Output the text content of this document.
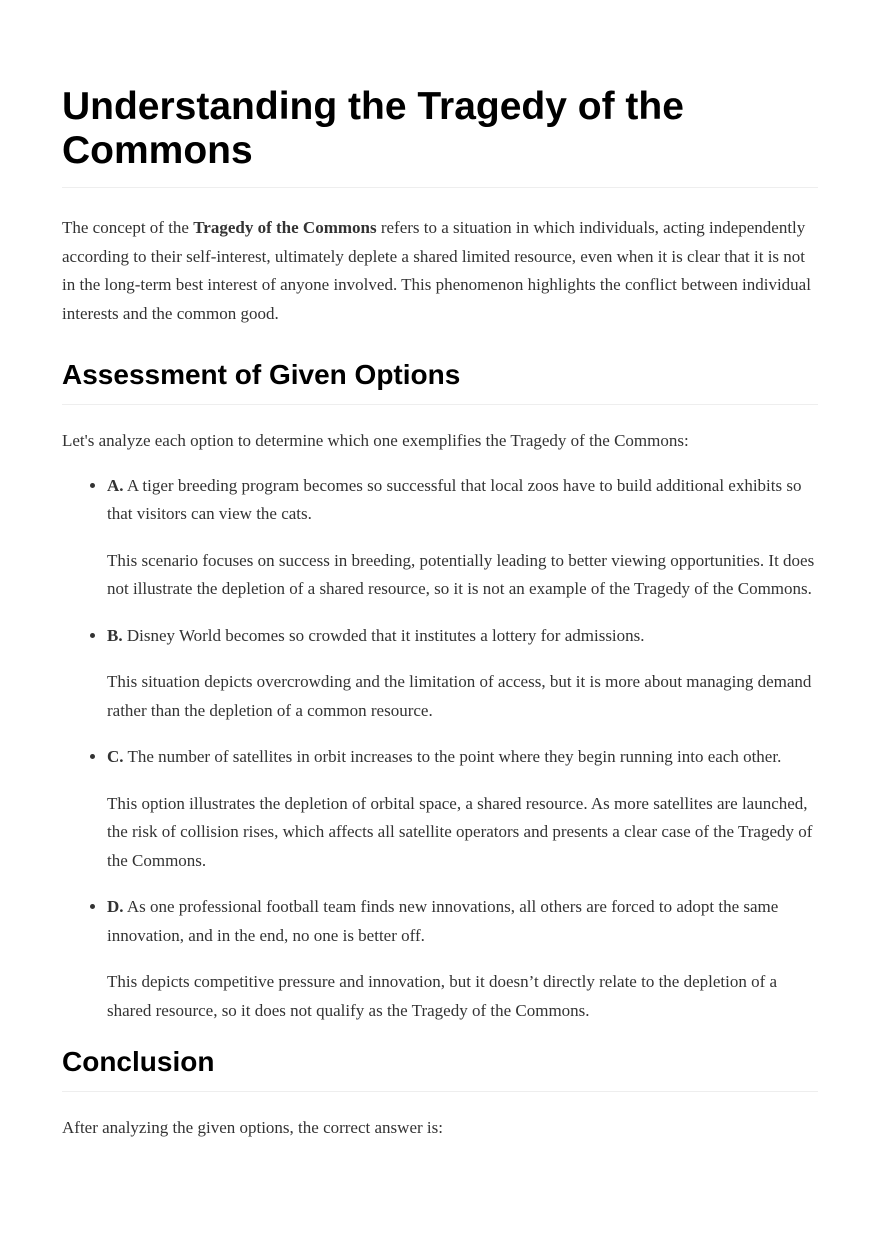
Understanding the Tragedy of the Commons

The concept of the Tragedy of the Commons refers to a situation in which individuals, acting independently according to their self-interest, ultimately deplete a shared limited resource, even when it is clear that it is not in the long-term best interest of anyone involved. This phenomenon highlights the conflict between individual interests and the common good.

Assessment of Given Options

Let's analyze each option to determine which one exemplifies the Tragedy of the Commons:

• A. A tiger breeding program becomes so successful that local zoos have to build additional exhibits so that visitors can view the cats.

This scenario focuses on success in breeding, potentially leading to better viewing opportunities. It does not illustrate the depletion of a shared resource, so it is not an example of the Tragedy of the Commons.

• B. Disney World becomes so crowded that it institutes a lottery for admissions.

This situation depicts overcrowding and the limitation of access, but it is more about managing demand rather than the depletion of a common resource.

• C. The number of satellites in orbit increases to the point where they begin running into each other.

This option illustrates the depletion of orbital space, a shared resource. As more satellites are launched, the risk of collision rises, which affects all satellite operators and presents a clear case of the Tragedy of the Commons.

• D. As one professional football team finds new innovations, all others are forced to adopt the same innovation, and in the end, no one is better off.

This depicts competitive pressure and innovation, but it doesn’t directly relate to the depletion of a shared resource, so it does not qualify as the Tragedy of the Commons.

Conclusion

After analyzing the given options, the correct answer is:
